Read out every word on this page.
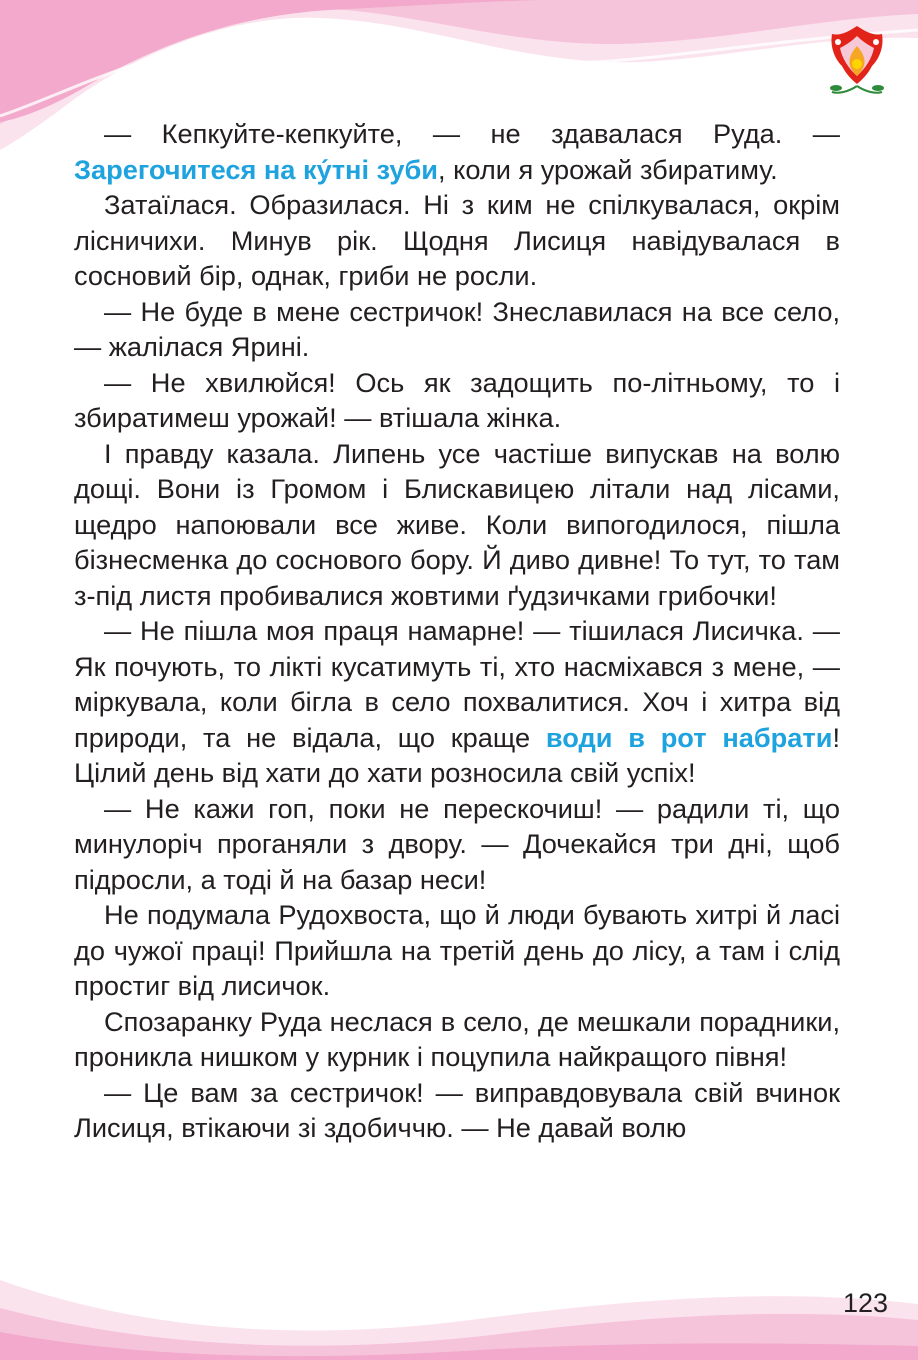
— Кепкуйте-кепкуйте, — не здавалася Руда. — Зарегочитеся на ку́тні зуби, коли я урожай збиратиму.

Затаїлася. Образилася. Ні з ким не спілкувалася, окрім лісничихи. Минув рік. Щодня Лисиця навідувалася в сосновий бір, однак, гриби не росли.

— Не буде в мене сестричок! Знеславилася на все село, — жалілася Ярині.

— Не хвилюйся! Ось як задощить по-літньому, то і збиратимеш урожай! — втішала жінка.

І правду казала. Липень усе частіше випускав на волю дощі. Вони із Громом і Блискавицею літали над лісами, щедро напоювали все живе. Коли випогодилося, пішла бізнесменка до соснового бору. Й диво дивне! То тут, то там з-під листя пробивалися жовтими ґудзичками грибочки!

— Не пішла моя праця намарне! — тішилася Лисичка. — Як почують, то лікті кусатимуть ті, хто насміхався з мене, — міркувала, коли бігла в село похвалитися. Хоч і хитра від природи, та не відала, що краще води в рот набрати! Цілий день від хати до хати розносила свій успіх!

— Не кажи гоп, поки не перескочиш! — радили ті, що минулоріч проганяли з двору. — Дочекайся три дні, щоб підросли, а тоді й на базар неси!

Не подумала Рудохвоста, що й люди бувають хитрі й ласі до чужої праці! Прийшла на третій день до лісу, а там і слід простиг від лисичок.

Спозаранку Руда неслася в село, де мешкали порадники, проникла нишком у курник і поцупила найкращого півня!

— Це вам за сестричок! — виправдовувала свій вчинок Лисиця, втікаючи зі здобиччю. — Не давай волю

123
